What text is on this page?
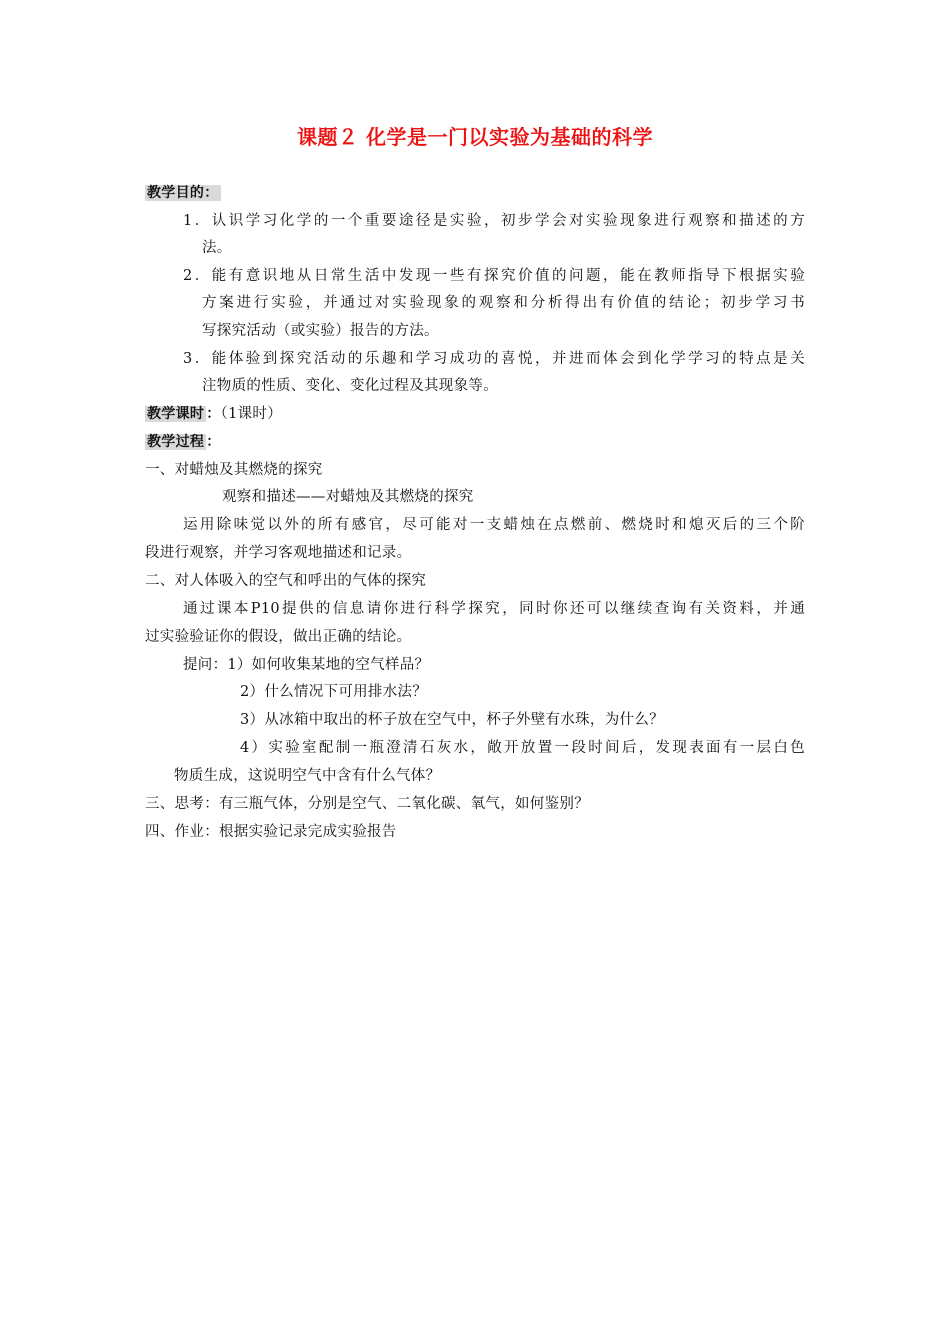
课题２ 化学是一门以实验为基础的科学
教学目的：
1．认识学习化学的一个重要途径是实验，初步学会对实验现象进行观察和描述的方
法。
2．能有意识地从日常生活中发现一些有探究价值的问题，能在教师指导下根据实验
方案进行实验，并通过对实验现象的观察和分析得出有价值的结论；初步学习书
写探究活动（或实验）报告的方法。
3．能体验到探究活动的乐趣和学习成功的喜悦，并进而体会到化学学习的特点是关
注物质的性质、变化、变化过程及其现象等。
教学课时 ：（1课时）
教学过程 ：
一、对蜡烛及其燃烧的探究
观察和描述——对蜡烛及其燃烧的探究
运用除味觉以外的所有感官，尽可能对一支蜡烛在点燃前、燃烧时和熄灭后的三个阶
段进行观察，并学习客观地描述和记录。
二、对人体吸入的空气和呼出的气体的探究
通过课本P10提供的信息请你进行科学探究，同时你还可以继续查询有关资料，并通
过实验验证你的假设，做出正确的结论。
提问：1）如何收集某地的空气样品？
2）什么情况下可用排水法？
3）从冰箱中取出的杯子放在空气中，杯子外壁有水珠，为什么？
4）实验室配制一瓶澄清石灰水，敞开放置一段时间后，发现表面有一层白色
物质生成，这说明空气中含有什么气体？
三、思考：有三瓶气体，分别是空气、二氧化碳、氧气，如何鉴别？
四、作业：根据实验记录完成实验报告
